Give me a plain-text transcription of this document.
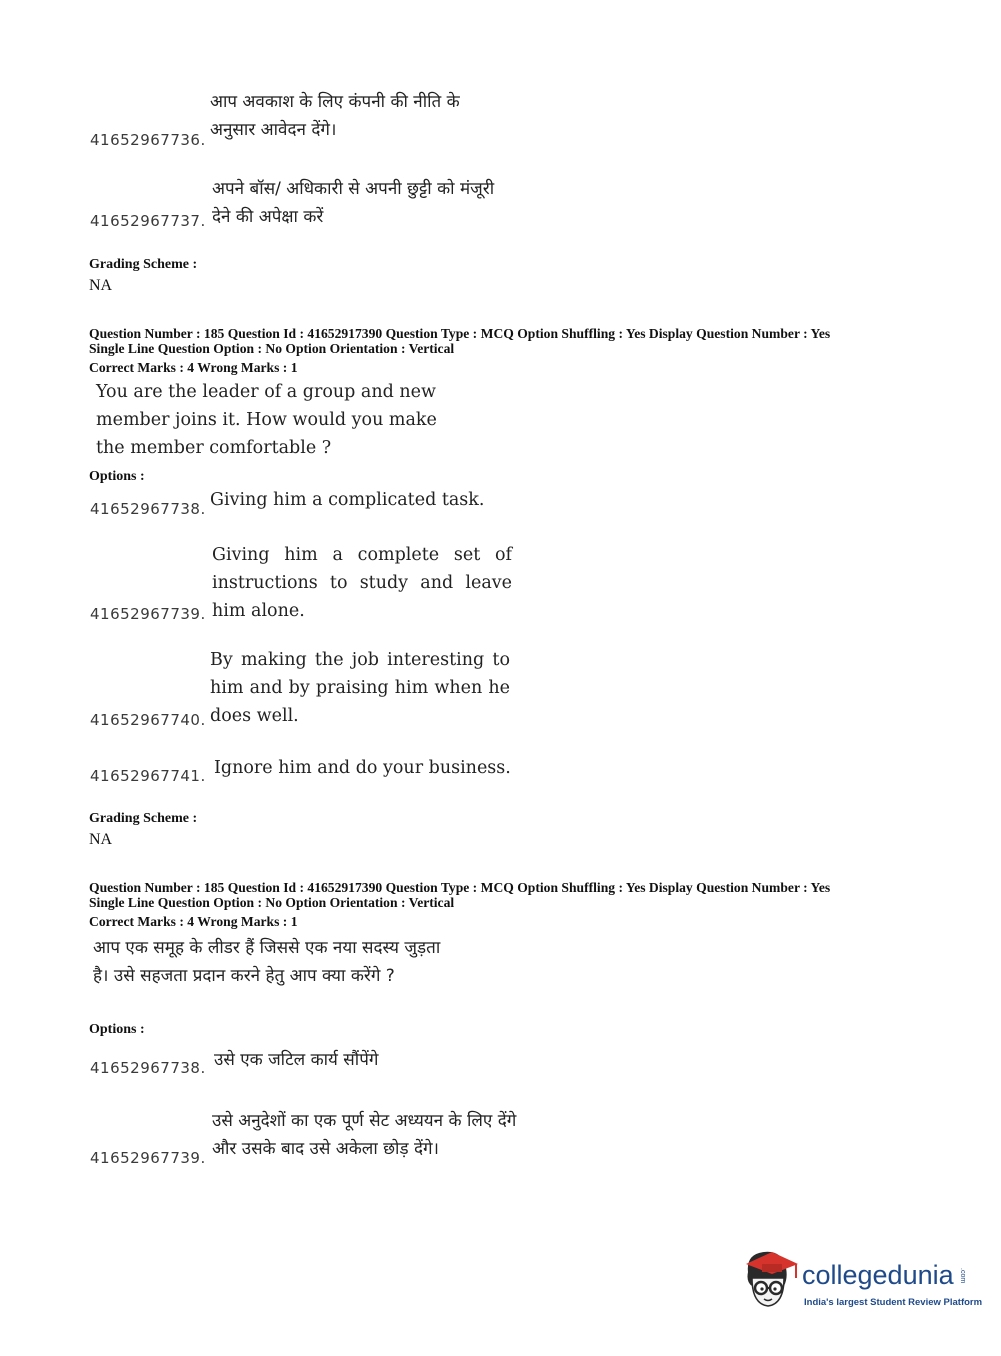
आप अवकाश के लिए कंपनी की नीति के अनुसार आवेदन देंगे।
41652967736.
अपने बॉस/ अधिकारी से अपनी छुट्टी को मंजूरी देने की अपेक्षा करें
41652967737.
Grading Scheme :
NA
Question Number : 185 Question Id : 41652917390 Question Type : MCQ Option Shuffling : Yes Display Question Number : Yes
Single Line Question Option : No Option Orientation : Vertical
Correct Marks : 4 Wrong Marks : 1
You are the leader of a group and new member joins it. How would you make the member comfortable ?
Options :
Giving him a complicated task.
41652967738.
Giving him a complete set of instructions to study and leave him alone.
41652967739.
By making the job interesting to him and by praising him when he does well.
41652967740.
Ignore him and do your business.
41652967741.
Grading Scheme :
NA
Question Number : 185 Question Id : 41652917390 Question Type : MCQ Option Shuffling : Yes Display Question Number : Yes
Single Line Question Option : No Option Orientation : Vertical
Correct Marks : 4 Wrong Marks : 1
आप एक समूह के लीडर हैं जिससे एक नया सदस्य जुड़ता है। उसे सहजता प्रदान करने हेतु आप क्या करेंगे ?
Options :
उसे एक जटिल कार्य सौंपेंगे
41652967738.
उसे अनुदेशों का एक पूर्ण सेट अध्ययन के लिए देंगे और उसके बाद उसे अकेला छोड़ देंगे।
41652967739.
collegedunia .com
India's largest Student Review Platform
